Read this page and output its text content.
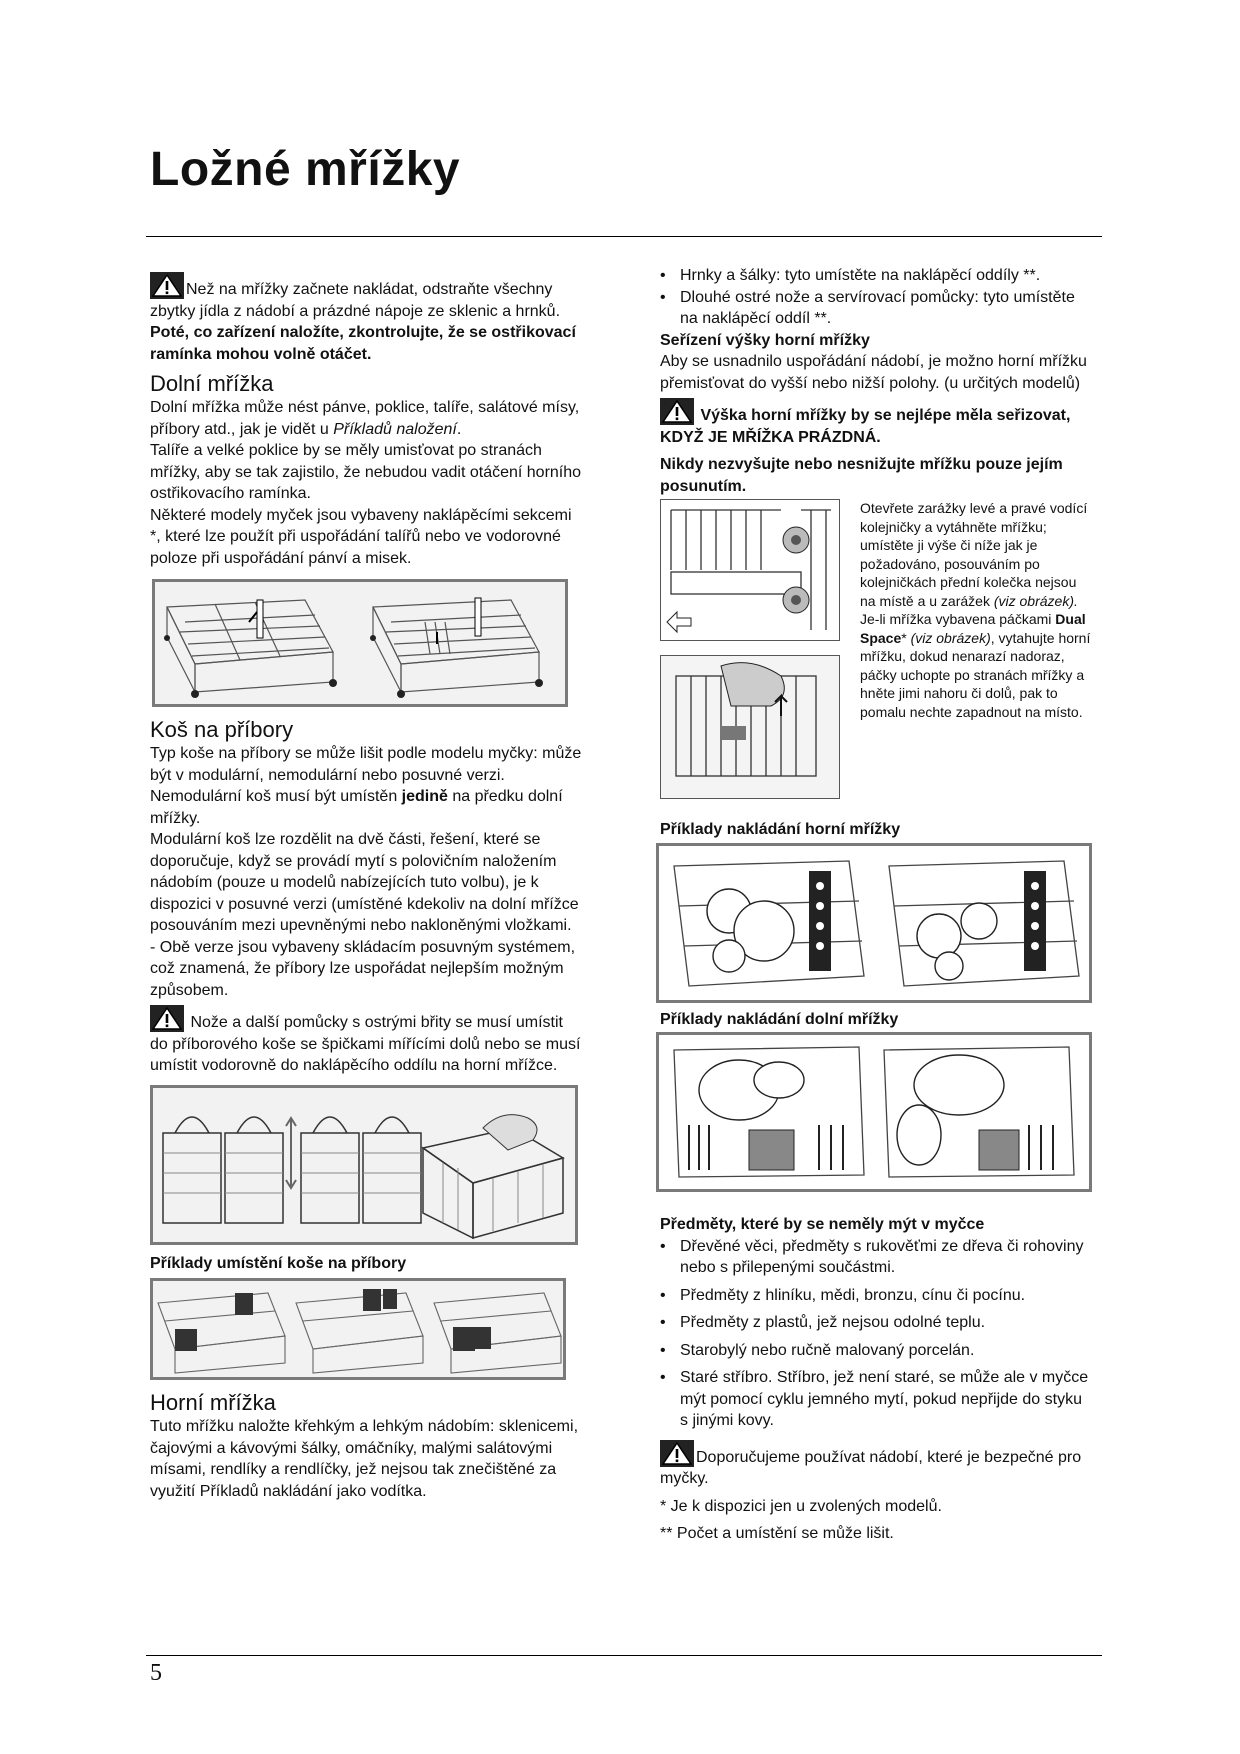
Ložné mřížky

Než na mřížky začnete nakládat, odstraňte všechny zbytky jídla z nádobí a prázdné nápoje ze sklenic a hrnků.

Poté, co zařízení naložíte, zkontrolujte, že se ostřikovací ramínka mohou volně otáčet.

Dolní mřížka

Dolní mřížka může nést pánve, poklice, talíře, salátové mísy, příbory atd., jak je vidět u Příkladů naložení.

Talíře a velké poklice by se měly umisťovat po stranách mřížky, aby se tak zajistilo, že nebudou vadit otáčení horního ostřikovacího ramínka.

Některé modely myček jsou vybaveny naklápěcími sekcemi *, které lze použít při uspořádání talířů nebo ve vodorovné poloze při uspořádání pánví a misek.

Koš na příbory

Typ koše na příbory se může lišit podle modelu myčky: může být v modulární, nemodulární nebo posuvné verzi. Nemodulární koš musí být umístěn jedině na předku dolní mřížky.

Modulární koš lze rozdělit na dvě části, řešení, které se doporučuje, když se provádí mytí s polovičním naložením nádobím (pouze u modelů nabízejících tuto volbu), je k dispozici v posuvné verzi (umístěné kdekoliv na dolní mřížce posouváním mezi upevněnými nebo nakloněnými vložkami.

- Obě verze jsou vybaveny skládacím posuvným systémem, což znamená, že příbory lze uspořádat nejlepším možným způsobem.

Nože a další pomůcky s ostrými břity se musí umístit do příborového koše se špičkami mířícími dolů nebo se musí umístit vodorovně do naklápěcího oddílu na horní mřížce.

Příklady umístění koše na příbory

Horní mřížka

Tuto mřížku naložte křehkým a lehkým nádobím: sklenicemi, čajovými a kávovými šálky, omáčníky, malými salátovými mísami, rendlíky a rendlíčky, jež nejsou tak znečištěné za využití Příkladů nakládání jako vodítka.

• Hrnky a šálky: tyto umístěte na naklápěcí oddíly **.
• Dlouhé ostré nože a servírovací pomůcky: tyto umístěte na naklápěcí oddíl **.

Seřízení výšky horní mřížky

Aby se usnadnilo uspořádání nádobí, je možno horní mřížku přemisťovat do vyšší nebo nižší polohy. (u určitých modelů)

Výška horní mřížky by se nejlépe měla seřizovat, KDYŽ JE MŘÍŽKA PRÁZDNÁ.

Nikdy nezvyšujte nebo nesnižujte mřížku pouze jejím posunutím.

Otevřete zarážky levé a pravé vodící kolejničky a vytáhněte mřížku; umístěte ji výše či níže jak je požadováno, posouváním po kolejničkách přední kolečka nejsou na místě a u zarážek (viz obrázek).

Je-li mřížka vybavena páčkami Dual Space* (viz obrázek), vytahujte horní mřížku, dokud nenarazí nadoraz, páčky uchopte po stranách mřížky a hněte jimi nahoru či dolů, pak to pomalu nechte zapadnout na místo.

Příklady nakládání horní mřížky

Příklady nakládání dolní mřížky

Předměty, které by se neměly mýt v myčce

• Dřevěné věci, předměty s rukověťmi ze dřeva či rohoviny nebo s přilepenými součástmi.
• Předměty z hliníku, mědi, bronzu, cínu či pocínu.
• Předměty z plastů, jež nejsou odolné teplu.
• Starobylý nebo ručně malovaný porcelán.
• Staré stříbro. Stříbro, jež není staré, se může ale v myčce mýt pomocí cyklu jemného mytí, pokud nepřijde do styku s jinými kovy.

Doporučujeme používat nádobí, které je bezpečné pro myčky.

* Je k dispozici jen u zvolených modelů.

** Počet a umístění se může lišit.

5
